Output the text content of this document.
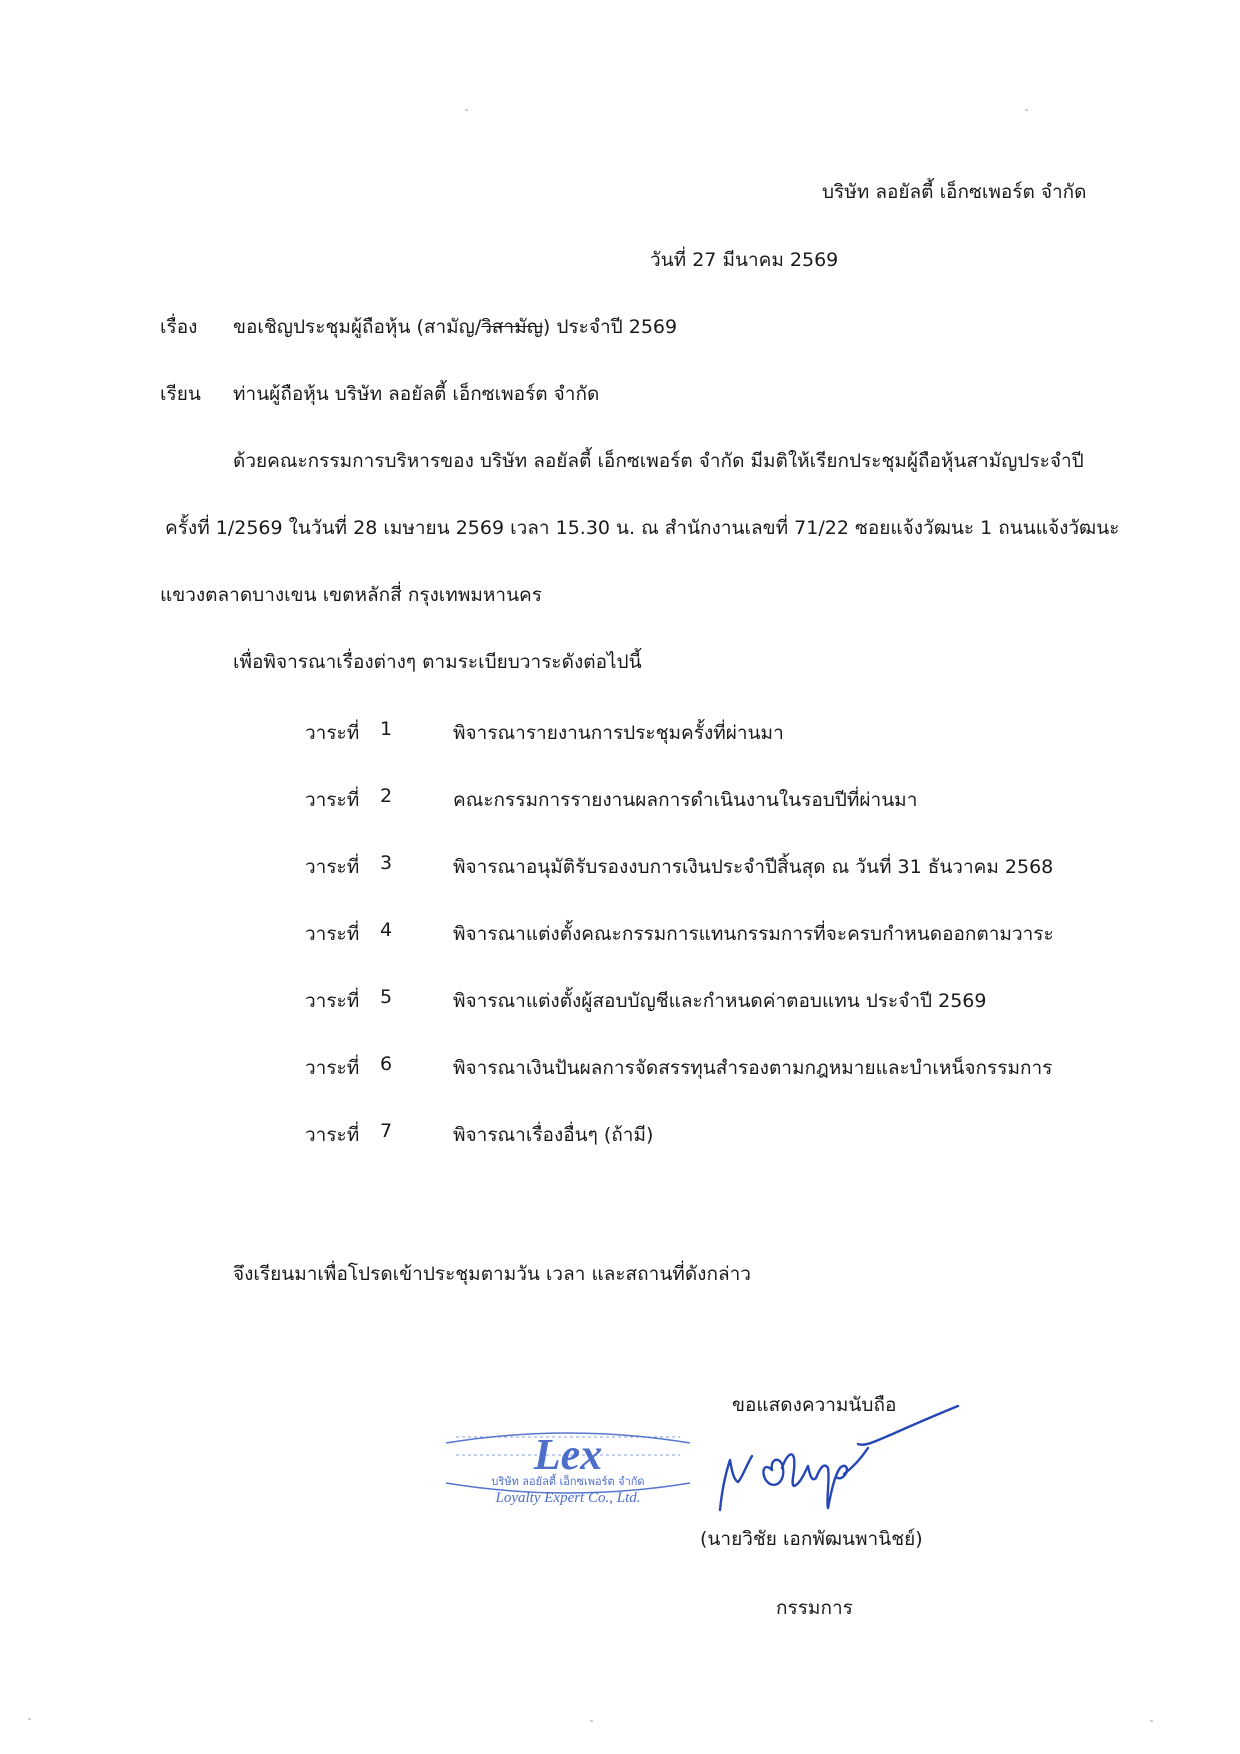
บริษัท ลอยัลตี้ เอ็กซเพอร์ต จำกัด
วันที่ 27 มีนาคม 2569
เรื่อง ขอเชิญประชุมผู้ถือหุ้น (สามัญ/วิสามัญ) ประจำปี 2569
เรียน ท่านผู้ถือหุ้น บริษัท ลอยัลตี้ เอ็กซเพอร์ต จำกัด
ด้วยคณะกรรมการบริหารของ บริษัท ลอยัลตี้ เอ็กซเพอร์ต จำกัด มีมติให้เรียกประชุมผู้ถือหุ้นสามัญประจำปี
ครั้งที่ 1/2569 ในวันที่ 28 เมษายน 2569 เวลา 15.30 น. ณ สำนักงานเลขที่ 71/22 ซอยแจ้งวัฒนะ 1 ถนนแจ้งวัฒนะ
แขวงตลาดบางเขน เขตหลักสี่ กรุงเทพมหานคร
เพื่อพิจารณาเรื่องต่างๆ ตามระเบียบวาระดังต่อไปนี้
วาระที่ 1	พิจารณารายงานการประชุมครั้งที่ผ่านมา
วาระที่ 2	คณะกรรมการรายงานผลการดำเนินงานในรอบปีที่ผ่านมา
วาระที่ 3	พิจารณาอนุมัติรับรองงบการเงินประจำปีสิ้นสุด ณ วันที่ 31 ธันวาคม 2568
วาระที่ 4	พิจารณาแต่งตั้งคณะกรรมการแทนกรรมการที่จะครบกำหนดออกตามวาระ
วาระที่ 5	พิจารณาแต่งตั้งผู้สอบบัญชีและกำหนดค่าตอบแทน ประจำปี 2569
วาระที่ 6	พิจารณาเงินปันผลการจัดสรรทุนสำรองตามกฎหมายและบำเหน็จกรรมการ
วาระที่ 7	พิจารณาเรื่องอื่นๆ (ถ้ามี)
จึงเรียนมาเพื่อโปรดเข้าประชุมตามวัน เวลา และสถานที่ดังกล่าว
ขอแสดงความนับถือ
Lex
บริษัท ลอยัลตี้ เอ็กซเพอร์ต จำกัด
Loyalty Expert Co., Ltd.
(นายวิชัย เอกพัฒนพานิชย์)
กรรมการ
